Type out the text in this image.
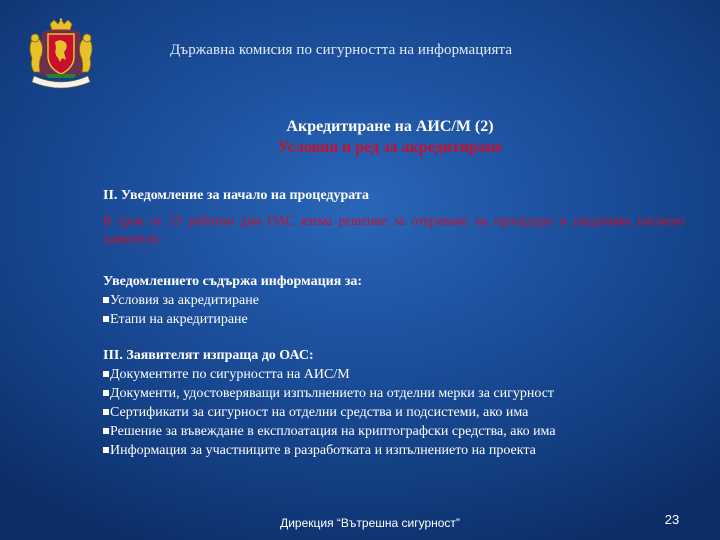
Държавна комисия по сигурността на информацията
Акредитиране на АИС/М (2)
Условия и ред за акредитиране
II. Уведомление за начало на процедурата
В срок от 15 работни дни ОАС взема решение за откриване на процедура и уведомява писмено заявителя.
Уведомлението съдържа информация за:
Условия за акредитиране
Етапи на акредитиране
III. Заявителят изпраща до ОАС:
Документите по сигурността на АИС/М
Документи, удостоверяващи изпълнението на отделни мерки за сигурност
Сертификати за сигурност на отделни средства и подсистеми, ако има
Решение за въвеждане в експлоатация на криптографски средства, ако има
Информация за участниците в разработката и изпълнението на проекта
Дирекция “Вътрешна сигурност”	23
